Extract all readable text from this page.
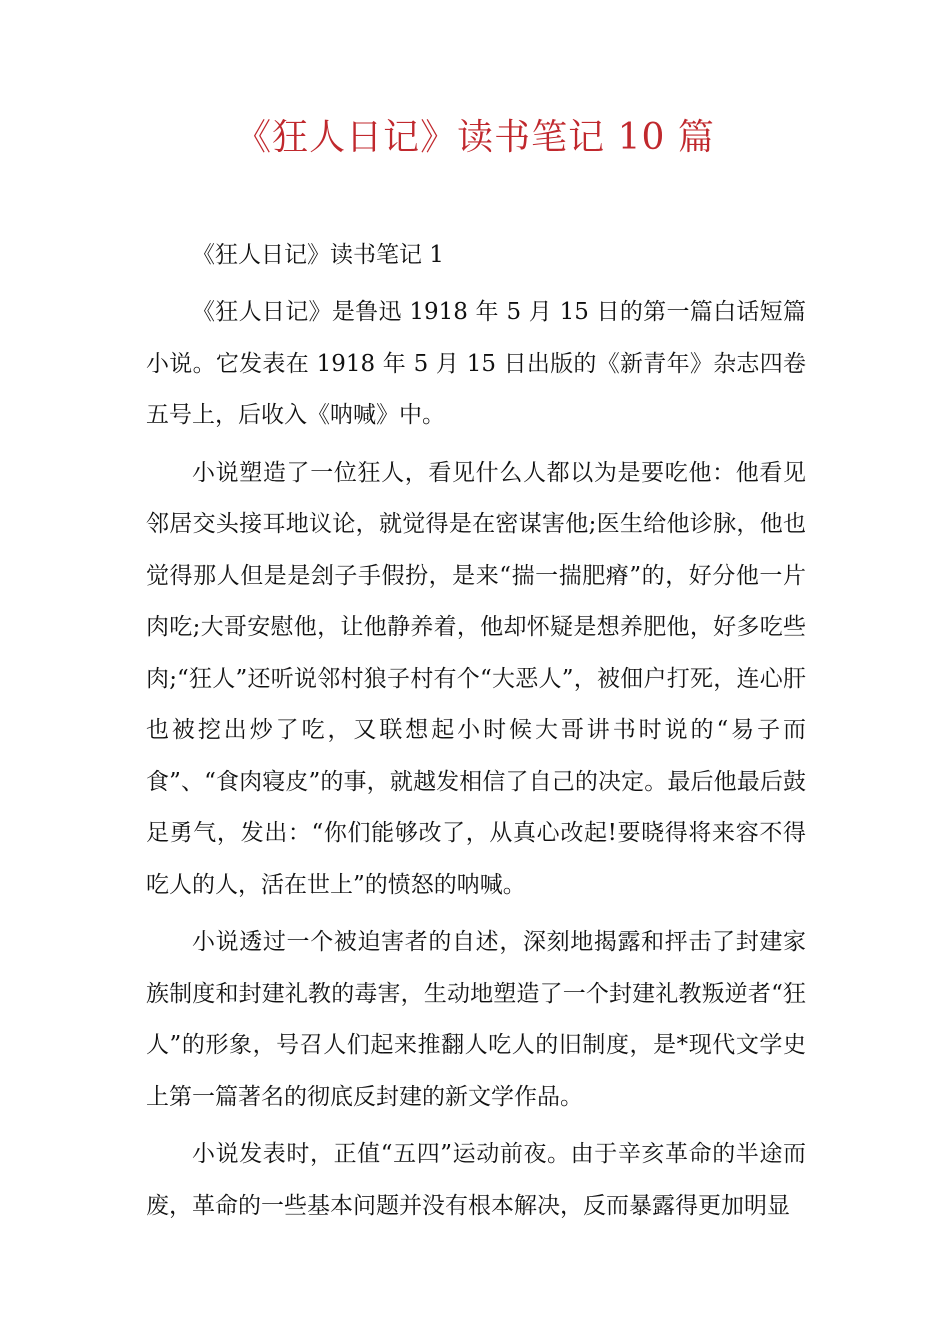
《狂人日记》读书笔记 10 篇

《狂人日记》读书笔记 1

《狂人日记》是鲁迅 1918 年 5 月 15 日的第一篇白话短篇小说。它发表在 1918 年 5 月 15 日出版的《新青年》杂志四卷五号上，后收入《呐喊》中。

小说塑造了一位狂人，看见什么人都以为是要吃他：他看见邻居交头接耳地议论，就觉得是在密谋害他;医生给他诊脉，他也觉得那人但是是刽子手假扮，是来“揣一揣肥瘠”的，好分他一片肉吃;大哥安慰他，让他静养着，他却怀疑是想养肥他，好多吃些肉;“狂人”还听说邻村狼子村有个“大恶人”，被佃户打死，连心肝也被挖出炒了吃，又联想起小时候大哥讲书时说的“易子而食”、“食肉寝皮”的事，就越发相信了自己的决定。最后他最后鼓足勇气，发出：“你们能够改了，从真心改起!要晓得将来容不得吃人的人，活在世上”的愤怒的呐喊。

小说透过一个被迫害者的自述，深刻地揭露和抨击了封建家族制度和封建礼教的毒害，生动地塑造了一个封建礼教叛逆者“狂人”的形象，号召人们起来推翻人吃人的旧制度，是*现代文学史上第一篇著名的彻底反封建的新文学作品。

小说发表时，正值“五四”运动前夜。由于辛亥革命的半途而废，革命的一些基本问题并没有根本解决，反而暴露得更加明显
